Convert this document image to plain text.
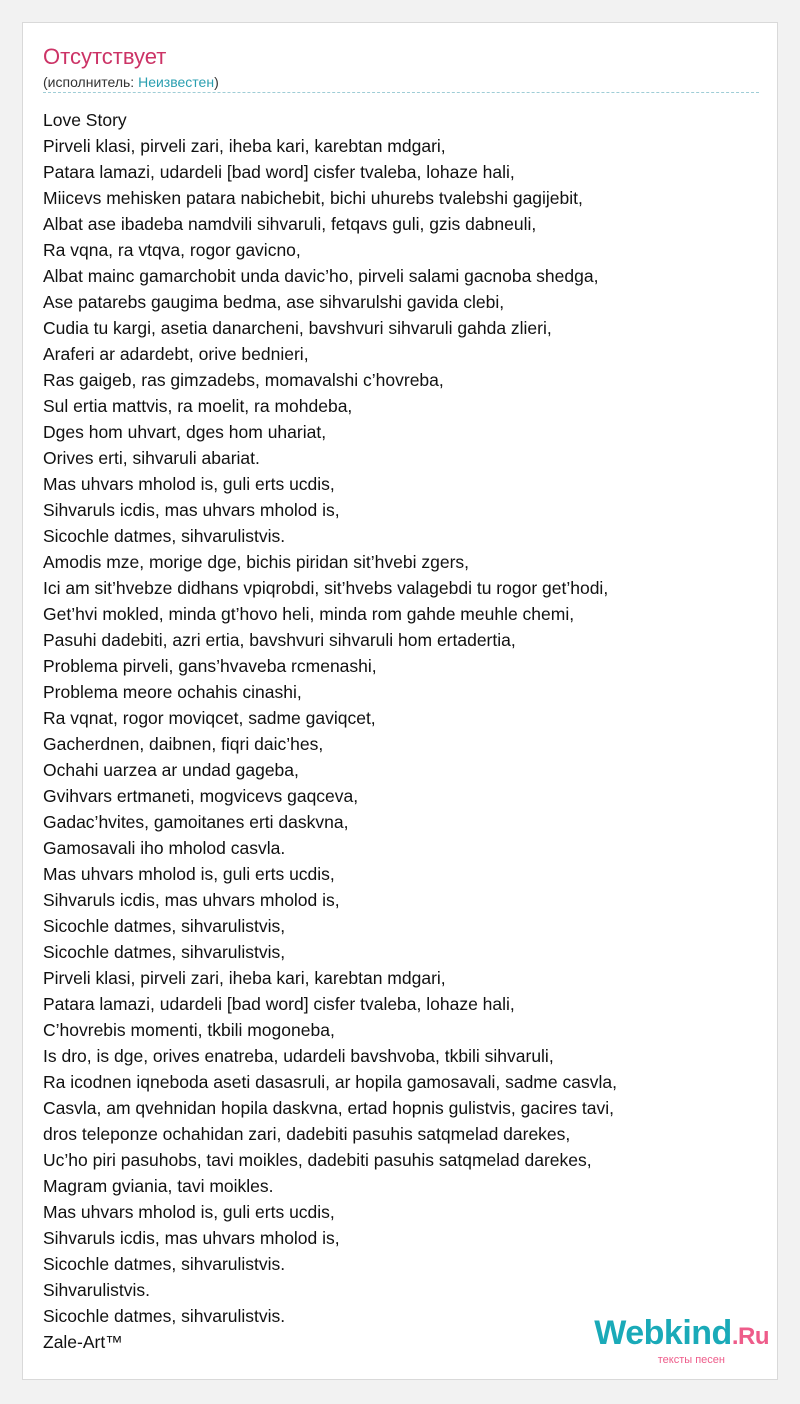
Отсутствует
(исполнитель: Неизвестен)
Love Story
Pirveli klasi, pirveli zari, iheba kari, karebtan mdgari,
Patara lamazi, udardeli [bad word] cisfer tvaleba, lohaze hali,
Miicevs mehisken patara nabichebit, bichi uhurebs tvalebshi gagijebit,
Albat ase ibadeba namdvili sihvaruli, fetqavs guli, gzis dabneuli,
Ra vqna, ra vtqva, rogor gavicno,
Albat mainc gamarchobit unda davic’ho, pirveli salami gacnoba shedga,
Ase patarebs gaugima bedma, ase sihvarulshi gavida clebi,
Cudia tu kargi, asetia danarcheni, bavshvuri sihvaruli gahda zlieri,
Araferi ar adardebt, orive bednieri,
Ras gaigeb, ras gimzadebs, momavalshi c’hovreba,
Sul ertia mattvis, ra moelit, ra mohdeba,
Dges hom uhvart, dges hom uhariat,
Orives erti, sihvaruli abariat.
Mas uhvars mholod is, guli erts ucdis,
Sihvaruls icdis, mas uhvars mholod is,
Sicochle datmes, sihvarulistvis.
Amodis mze, morige dge, bichis piridan sit’hvebi zgers,
Ici am sit’hvebze didhans vpiqrobdi, sit’hvebs valagebdi tu rogor get’hodi,
Get’hvi mokled, minda gt’hovo heli, minda rom gahde meuhle chemi,
Pasuhi dadebiti, azri ertia, bavshvuri sihvaruli hom ertadertia,
Problema pirveli, gans’hvaveba rcmenashi,
Problema meore ochahis cinashi,
Ra vqnat, rogor moviqcet, sadme gaviqcet,
Gacherdnen, daibnen, fiqri daic’hes,
Ochahi uarzea ar undad gageba,
Gvihvars ertmaneti, mogvicevs gaqceva,
Gadac’hvites, gamoitanes erti daskvna,
Gamosavali iho mholod casvla.
Mas uhvars mholod is, guli erts ucdis,
Sihvaruls icdis, mas uhvars mholod is,
Sicochle datmes, sihvarulistvis,
Sicochle datmes, sihvarulistvis,
Pirveli klasi, pirveli zari, iheba kari, karebtan mdgari,
Patara lamazi, udardeli [bad word] cisfer tvaleba, lohaze hali,
C’hovrebis momenti, tkbili mogoneba,
Is dro, is dge, orives enatreba, udardeli bavshvoba, tkbili sihvaruli,
Ra icodnen iqneboda aseti dasasruli, ar hopila gamosavali, sadme casvla,
Casvla, am qvehnidan hopila daskvna, ertad hopnis gulistvis, gacires tavi,
dros teleponze ochahidan zari, dadebiti pasuhis satqmelad darekes,
Uc’ho piri pasuhobs, tavi moikles, dadebiti pasuhis satqmelad darekes,
Magram gviania, tavi moikles.
Mas uhvars mholod is, guli erts ucdis,
Sihvaruls icdis, mas uhvars mholod is,
Sicochle datmes, sihvarulistvis.
Sihvarulistvis.
Sicochle datmes, sihvarulistvis.
Zale-Art™	Webkind.Ru
тексты песен
